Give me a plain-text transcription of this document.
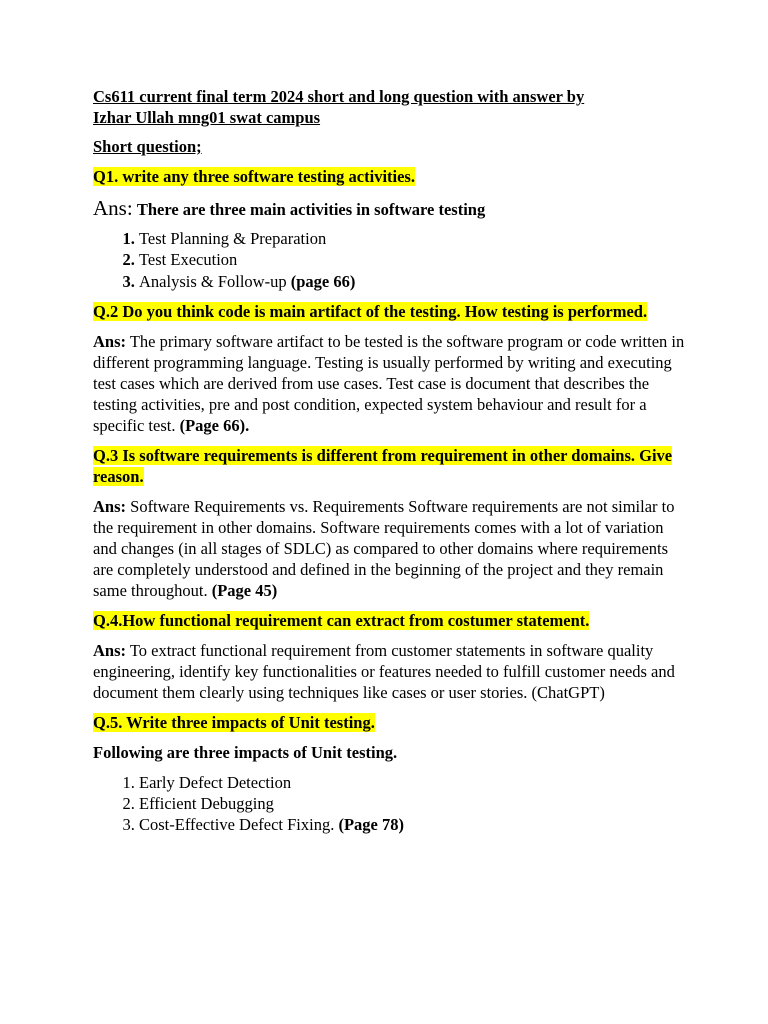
Cs611 current final term 2024 short and long question with answer by
Izhar Ullah mng01 swat campus
Short question;
Q1. write any three software testing activities.
Ans: There are three main activities in software testing
1. Test Planning & Preparation
2. Test Execution
3. Analysis & Follow-up (page 66)
Q.2 Do you think code is main artifact of the testing. How testing is performed.
Ans: The primary software artifact to be tested is the software program or code written in different programming language. Testing is usually performed by writing and executing test cases which are derived from use cases. Test case is document that describes the testing activities, pre and post condition, expected system behaviour and result for a specific test. (Page 66).
Q.3 Is software requirements is different from requirement in other domains. Give reason.
Ans: Software Requirements vs. Requirements Software requirements are not similar to the requirement in other domains. Software requirements comes with a lot of variation and changes (in all stages of SDLC) as compared to other domains where requirements are completely understood and defined in the beginning of the project and they remain same throughout. (Page 45)
Q.4.How functional requirement can extract from costumer statement.
Ans: To extract functional requirement from customer statements in software quality engineering, identify key functionalities or features needed to fulfill customer needs and document them clearly using techniques like cases or user stories. (ChatGPT)
Q.5. Write three impacts of Unit testing.
Following are three impacts of Unit testing.
1. Early Defect Detection
2. Efficient Debugging
3. Cost-Effective Defect Fixing. (Page 78)
